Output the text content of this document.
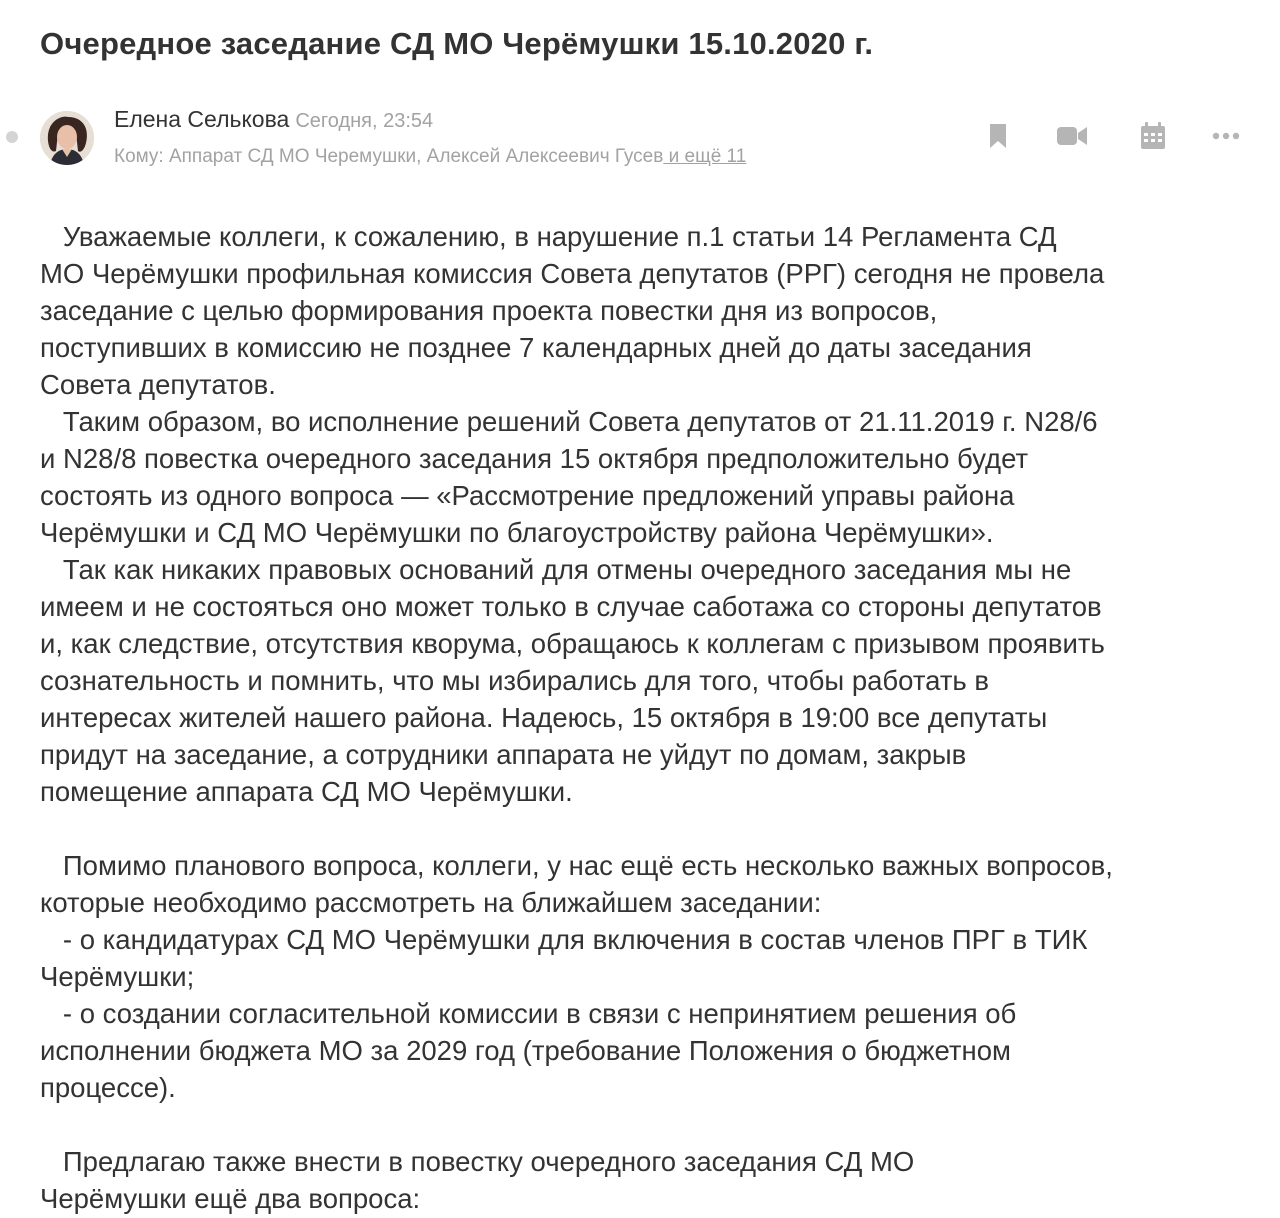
Очередное заседание СД МО Черёмушки 15.10.2020 г.
Елена Селькова Сегодня, 23:54
Кому: Аппарат СД МО Черемушки, Алексей Алексеевич Гусев и ещё 11
Уважаемые коллеги, к сожалению, в нарушение п.1 статьи 14 Регламента СД
МО Черёмушки профильная комиссия Совета депутатов (РРГ) сегодня не провела
заседание с целью формирования проекта повестки дня из вопросов,
поступивших в комиссию не позднее 7 календарных дней до даты заседания
Совета депутатов.
Таким образом, во исполнение решений Совета депутатов от 21.11.2019 г. N28/6
и N28/8 повестка очередного заседания 15 октября предположительно будет
состоять из одного вопроса — «Рассмотрение предложений управы района
Черёмушки и СД МО Черёмушки по благоустройству района Черёмушки».
Так как никаких правовых оснований для отмены очередного заседания мы не
имеем и не состояться оно может только в случае саботажа со стороны депутатов
и, как следствие, отсутствия кворума, обращаюсь к коллегам с призывом проявить
сознательность и помнить, что мы избирались для того, чтобы работать в
интересах жителей нашего района. Надеюсь, 15 октября в 19:00 все депутаты
придут на заседание, а сотрудники аппарата не уйдут по домам, закрыв
помещение аппарата СД МО Черёмушки.
Помимо планового вопроса, коллеги, у нас ещё есть несколько важных вопросов,
которые необходимо рассмотреть на ближайшем заседании:
- о кандидатурах СД МО Черёмушки для включения в состав членов ПРГ в ТИК
Черёмушки;
- о создании согласительной комиссии в связи с непринятием решения об
исполнении бюджета МО за 2029 год (требование Положения о бюджетном
процессе).
Предлагаю также внести в повестку очередного заседания СД МО
Черёмушки ещё два вопроса:
